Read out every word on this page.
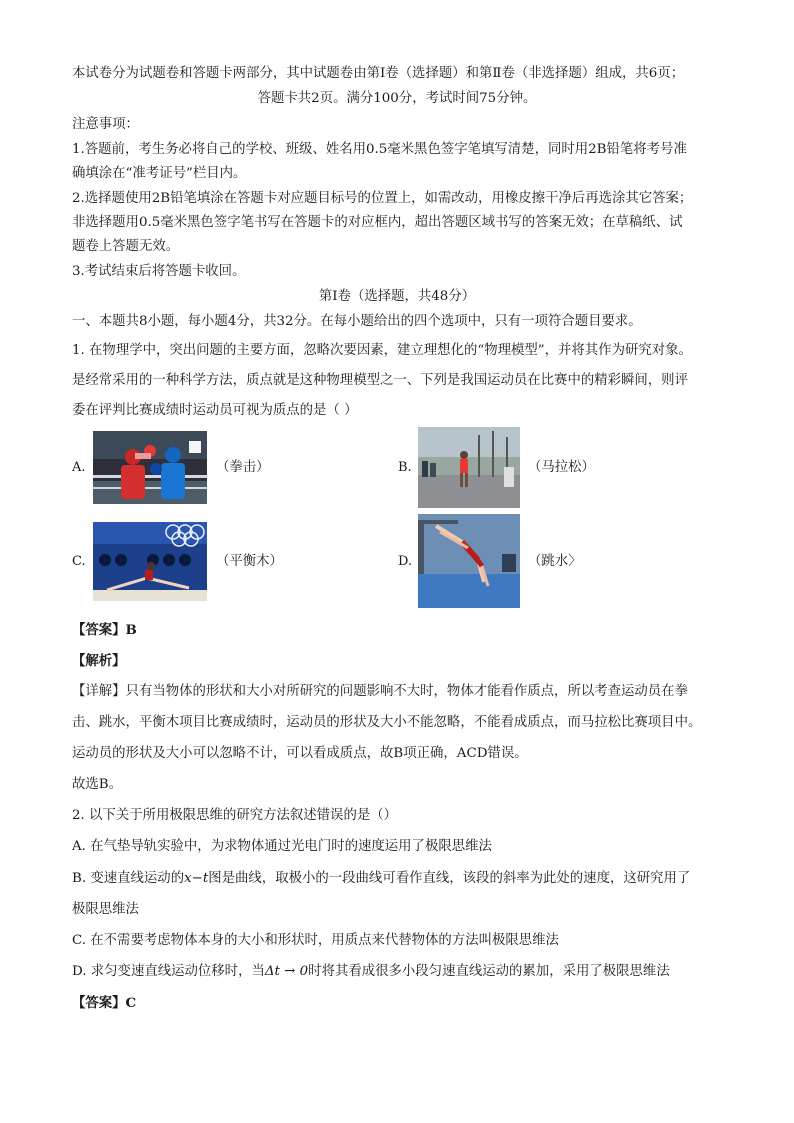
本试卷分为试题卷和答题卡两部分，其中试题卷由第Ⅰ卷（选择题）和第Ⅱ卷（非选择题）组成，共6页；
答题卡共2页。满分100分，考试时间75分钟。
注意事项：
1.答题前，考生务必将自己的学校、班级、姓名用0.5毫米黑色签字笔填写清楚，同时用2B铅笔将考号准
确填涂在“准考证号”栏目内。
2.选择题使用2B铅笔填涂在答题卡对应题目标号的位置上，如需改动，用橡皮擦干净后再选涂其它答案；
非选择题用0.5毫米黑色签字笔书写在答题卡的对应框内，超出答题区域书写的答案无效；在草稿纸、试
题卷上答题无效。
3.考试结束后将答题卡收回。
第Ⅰ卷（选择题，共48分）
一、本题共8小题，每小题4分，共32分。在每小题给出的四个选项中，只有一项符合题目要求。
1. 在物理学中，突出问题的主要方面，忽略次要因素，建立理想化的“物理模型”，并将其作为研究对象。
是经常采用的一种科学方法，质点就是这种物理模型之一、下列是我国运动员在比赛中的精彩瞬间，则评
委在评判比赛成绩时运动员可视为质点的是（ ）
A.	（拳击）	B.	（马拉松）
C.	（平衡木）	D.	（跳水〉
【答案】B
【解析】
【详解】只有当物体的形状和大小对所研究的问题影响不大时，物体才能看作质点，所以考查运动员在拳
击、跳水，平衡木项目比赛成绩时，运动员的形状及大小不能忽略，不能看成质点，而马拉松比赛项目中。
运动员的形状及大小可以忽略不计，可以看成质点，故B项正确，ACD错误。
故选B。
2. 以下关于所用极限思维的研究方法叙述错误的是（）
A. 在气垫导轨实验中，为求物体通过光电门时的速度运用了极限思维法
B. 变速直线运动的x−t图是曲线，取极小的一段曲线可看作直线，该段的斜率为此处的速度，这研究用了
极限思维法
C. 在不需要考虑物体本身的大小和形状时，用质点来代替物体的方法叫极限思维法
D. 求匀变速直线运动位移时，当Δt → 0时将其看成很多小段匀速直线运动的累加，采用了极限思维法
【答案】C
